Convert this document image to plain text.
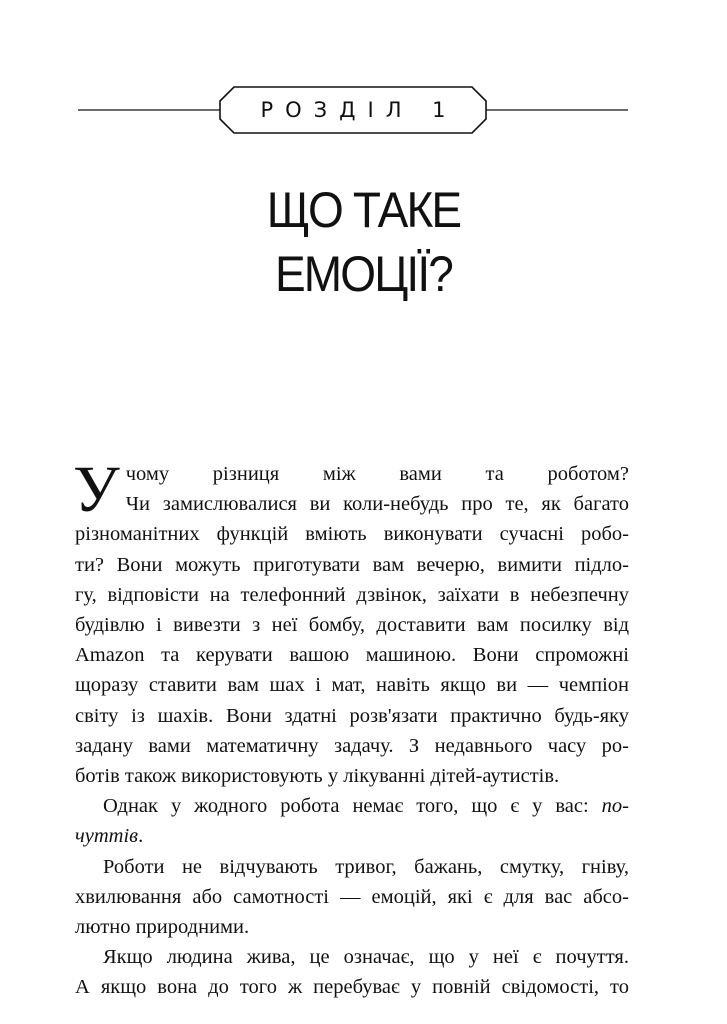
РОЗДІЛ 1
ЩО ТАКЕ
ЕМОЦІЇ?

У чому різниця між вами та роботом?
Чи замислювалися ви коли-небудь про те, як багато
різноманітних функцій вміють виконувати сучасні робо-
ти? Вони можуть приготувати вам вечерю, вимити підло-
гу, відповісти на телефонний дзвінок, заїхати в небезпечну
будівлю і вивезти з неї бомбу, доставити вам посилку від
Amazon та керувати вашою машиною. Вони спроможні
щоразу ставити вам шах і мат, навіть якщо ви — чемпіон
світу із шахів. Вони здатні розв'язати практично будь-яку
задану вами математичну задачу. З недавнього часу ро-
ботів також використовують у лікуванні дітей-аутистів.

Однак у жодного робота немає того, що є у вас: по-
чуттів.

Роботи не відчувають тривог, бажань, смутку, гніву,
хвилювання або самотності — емоцій, які є для вас абсо-
лютно природними.

Якщо людина жива, це означає, що у неї є почуття.
А якщо вона до того ж перебуває у повній свідомості, то
